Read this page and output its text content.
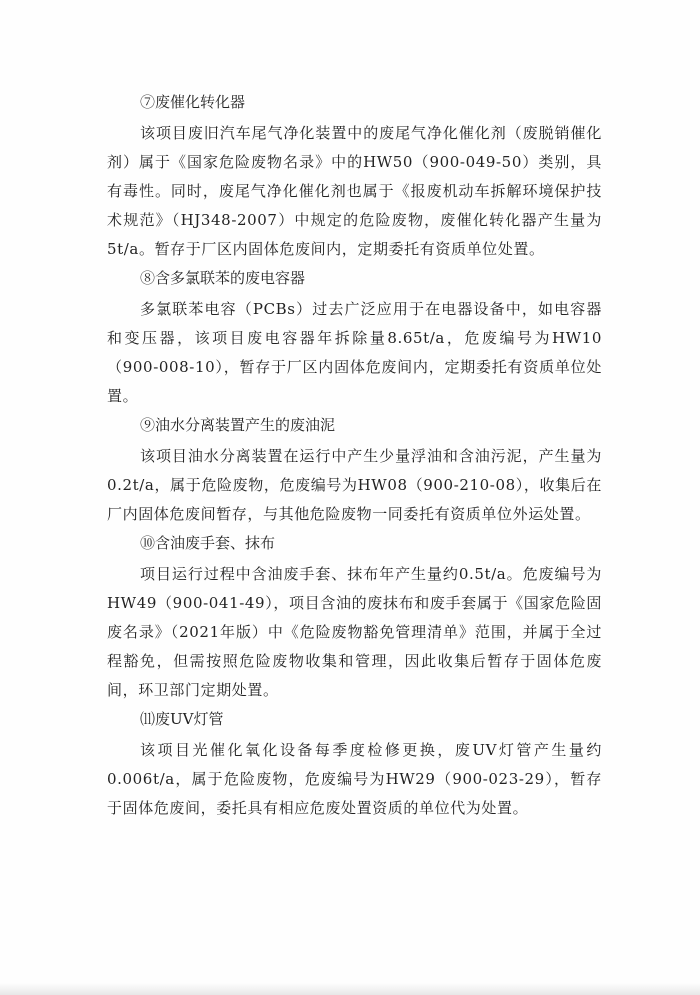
⑦废催化转化器
该项目废旧汽车尾气净化装置中的废尾气净化催化剂（废脱销催化剂）属于《国家危险废物名录》中的HW50（900-049-50）类别，具有毒性。同时，废尾气净化催化剂也属于《报废机动车拆解环境保护技术规范》（HJ348-2007）中规定的危险废物，废催化转化器产生量为5t/a。暂存于厂区内固体危废间内，定期委托有资质单位处置。
⑧含多氯联苯的废电容器
多氯联苯电容（PCBs）过去广泛应用于在电器设备中，如电容器和变压器，该项目废电容器年拆除量8.65t/a，危废编号为HW10（900-008-10），暂存于厂区内固体危废间内，定期委托有资质单位处置。
⑨油水分离装置产生的废油泥
该项目油水分离装置在运行中产生少量浮油和含油污泥，产生量为0.2t/a，属于危险废物，危废编号为HW08（900-210-08），收集后在厂内固体危废间暂存，与其他危险废物一同委托有资质单位外运处置。
⑩含油废手套、抹布
项目运行过程中含油废手套、抹布年产生量约0.5t/a。危废编号为HW49（900-041-49），项目含油的废抹布和废手套属于《国家危险固废名录》（2021年版）中《危险废物豁免管理清单》范围，并属于全过程豁免，但需按照危险废物收集和管理，因此收集后暂存于固体危废间，环卫部门定期处置。
⑾废UV灯管
该项目光催化氧化设备每季度检修更换，废UV灯管产生量约0.006t/a，属于危险废物，危废编号为HW29（900-023-29），暂存于固体危废间，委托具有相应危废处置资质的单位代为处置。
